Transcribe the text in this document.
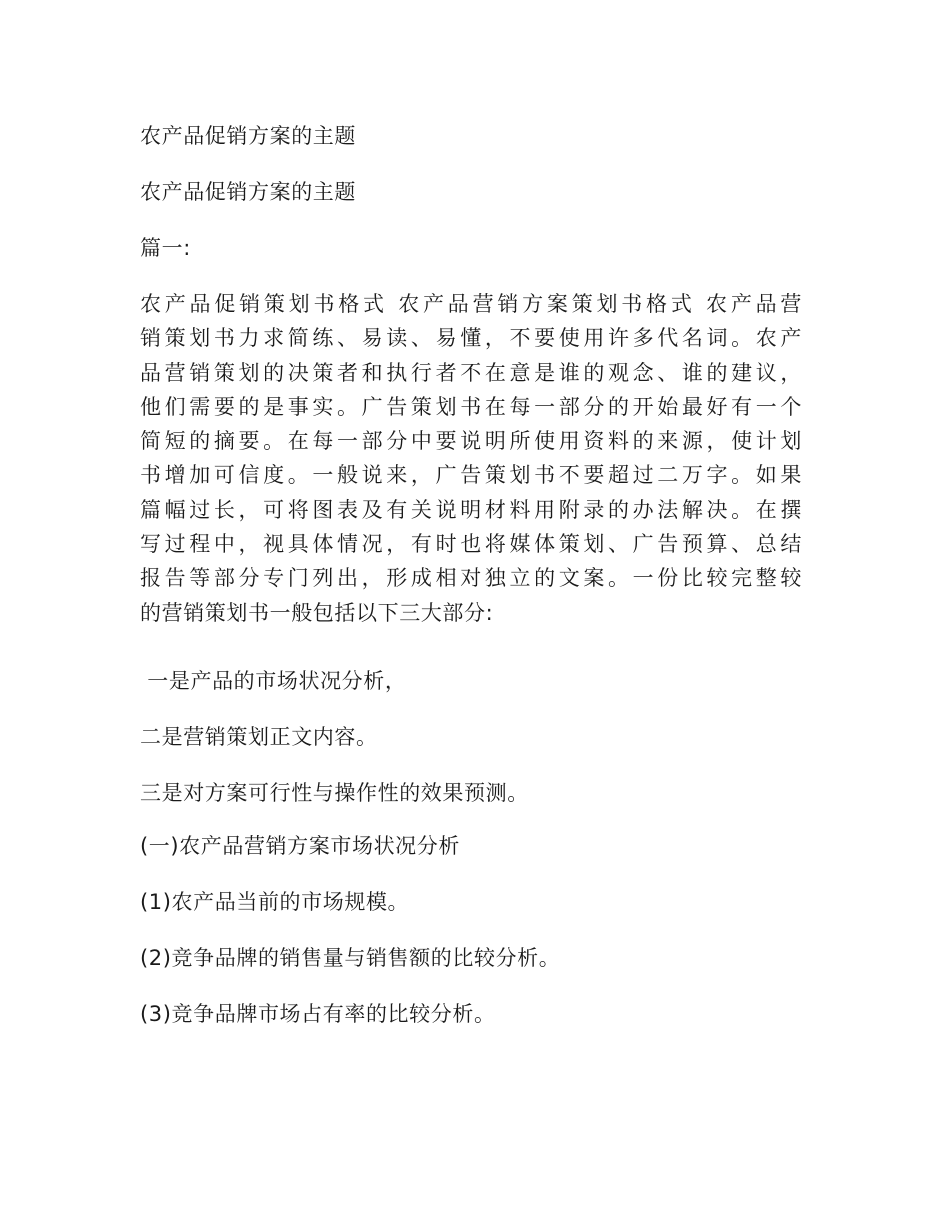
农产品促销方案的主题
农产品促销方案的主题
篇一:
农产品促销策划书格式 农产品营销方案策划书格式 农产品营
销策划书力求简练、易读、易懂，不要使用许多代名词。农产
品营销策划的决策者和执行者不在意是谁的观念、谁的建议，
他们需要的是事实。广告策划书在每一部分的开始最好有一个
简短的摘要。在每一部分中要说明所使用资料的来源，使计划
书增加可信度。一般说来，广告策划书不要超过二万字。如果
篇幅过长，可将图表及有关说明材料用附录的办法解决。在撰
写过程中，视具体情况，有时也将媒体策划、广告预算、总结
报告等部分专门列出，形成相对独立的文案。一份比较完整较
的营销策划书一般包括以下三大部分:
一是产品的市场状况分析，
二是营销策划正文内容。
三是对方案可行性与操作性的效果预测。
(一)农产品营销方案市场状况分析
(1)农产品当前的市场规模。
(2)竞争品牌的销售量与销售额的比较分析。
(3)竞争品牌市场占有率的比较分析。
